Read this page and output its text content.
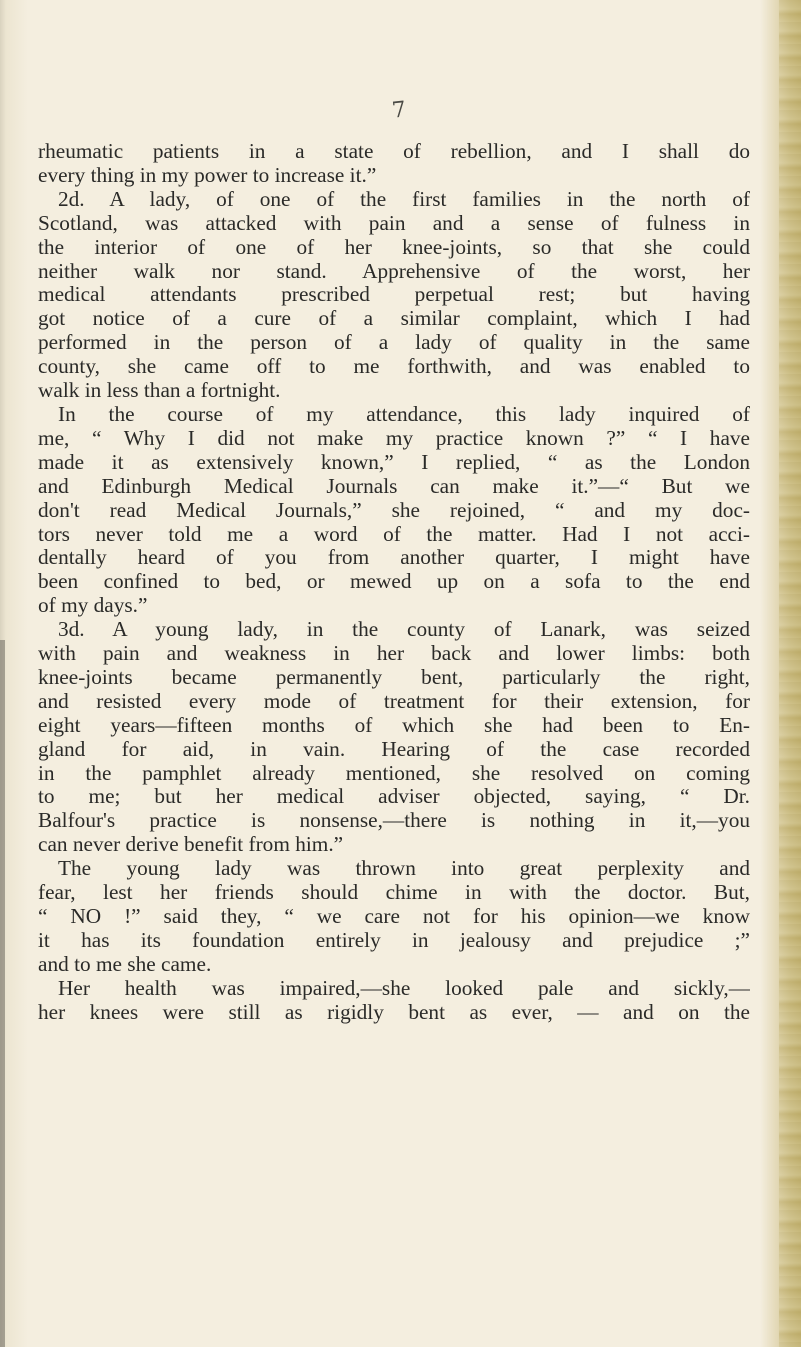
7
rheumatic patients in a state of rebellion, and I shall do
every thing in my power to increase it.”
2d. A lady, of one of the first families in the north of
Scotland, was attacked with pain and a sense of fulness in
the interior of one of her knee-joints, so that she could
neither walk nor stand. Apprehensive of the worst, her
medical attendants prescribed perpetual rest; but having
got notice of a cure of a similar complaint, which I had
performed in the person of a lady of quality in the same
county, she came off to me forthwith, and was enabled to
walk in less than a fortnight.
In the course of my attendance, this lady inquired of
me, “ Why I did not make my practice known ?” “ I have
made it as extensively known,” I replied, “ as the London
and Edinburgh Medical Journals can make it.”—“ But we
don't read Medical Journals,” she rejoined, “ and my doc-
tors never told me a word of the matter. Had I not acci-
dentally heard of you from another quarter, I might have
been confined to bed, or mewed up on a sofa to the end
of my days.”
3d. A young lady, in the county of Lanark, was seized
with pain and weakness in her back and lower limbs: both
knee-joints became permanently bent, particularly the right,
and resisted every mode of treatment for their extension, for
eight years—fifteen months of which she had been to En-
gland for aid, in vain. Hearing of the case recorded
in the pamphlet already mentioned, she resolved on coming
to me; but her medical adviser objected, saying, “ Dr.
Balfour's practice is nonsense,—there is nothing in it,—you
can never derive benefit from him.”
The young lady was thrown into great perplexity and
fear, lest her friends should chime in with the doctor. But,
“ NO !” said they, “ we care not for his opinion—we know
it has its foundation entirely in jealousy and prejudice ;”
and to me she came.
Her health was impaired,—she looked pale and sickly,—
her knees were still as rigidly bent as ever, — and on the
